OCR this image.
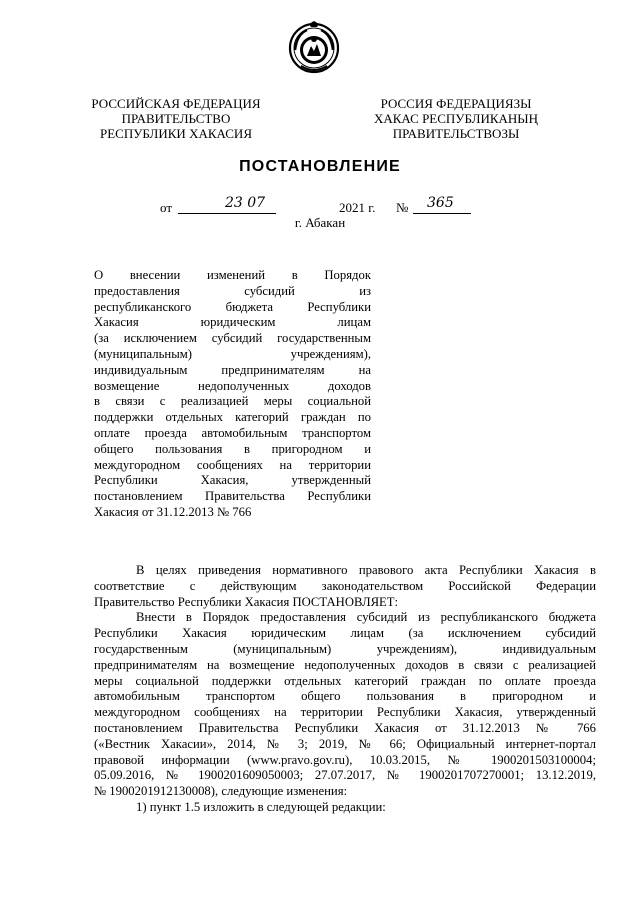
РОССИЙСКАЯ ФЕДЕРАЦИЯ
ПРАВИТЕЛЬСТВО
РЕСПУБЛИКИ ХАКАСИЯ
РОССИЯ ФЕДЕРАЦИЯЗЫ
ХАКАС РЕСПУБЛИКАНЫҢ
ПРАВИТЕЛЬСТВОЗЫ
ПОСТАНОВЛЕНИЕ
от	23 07	2021 г. № 365
г. Абакан
О внесении изменений в Порядок
предоставления субсидий из
республиканского бюджета Республики
Хакасия юридическим лицам
(за исключением субсидий государственным
(муниципальным) учреждениям),
индивидуальным предпринимателям на
возмещение недополученных доходов
в связи с реализацией меры социальной
поддержки отдельных категорий граждан по
оплате проезда автомобильным транспортом
общего пользования в пригородном и
междугородном сообщениях на территории
Республики Хакасия, утвержденный
постановлением Правительства Республики
Хакасия от 31.12.2013 № 766
В целях приведения нормативного правового акта Республики Хакасия в
соответствие с действующим законодательством Российской Федерации
Правительство Республики Хакасия ПОСТАНОВЛЯЕТ:
Внести в Порядок предоставления субсидий из республиканского бюджета
Республики Хакасия юридическим лицам (за исключением субсидий
государственным (муниципальным) учреждениям), индивидуальным
предпринимателям на возмещение недополученных доходов в связи с реализацией
меры социальной поддержки отдельных категорий граждан по оплате проезда
автомобильным транспортом общего пользования в пригородном и
междугородном сообщениях на территории Республики Хакасия, утвержденный
постановлением Правительства Республики Хакасия от 31.12.2013 № 766
(«Вестник Хакасии», 2014, № 3; 2019, № 66; Официальный интернет-портал
правовой информации (www.pravo.gov.ru), 10.03.2015, № 1900201503100004;
05.09.2016, № 1900201609050003; 27.07.2017, № 1900201707270001; 13.12.2019,
№ 1900201912130008), следующие изменения:
1) пункт 1.5 изложить в следующей редакции:
